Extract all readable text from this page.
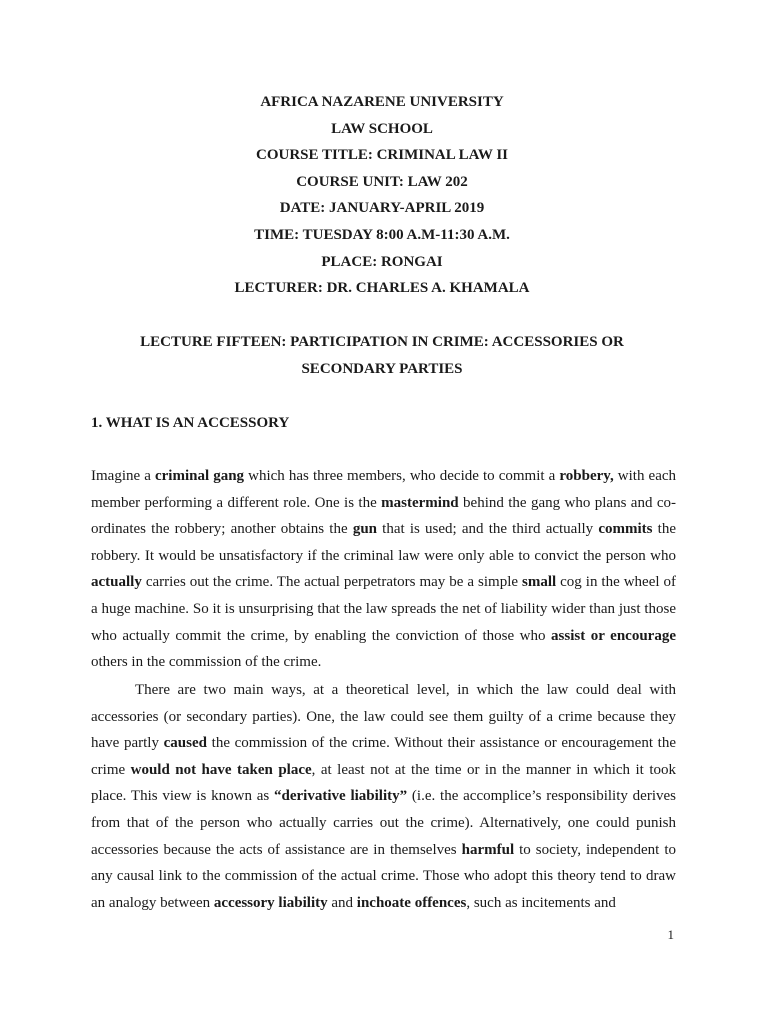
AFRICA NAZARENE UNIVERSITY
LAW SCHOOL
COURSE TITLE: CRIMINAL LAW II
COURSE UNIT: LAW 202
DATE: JANUARY-APRIL 2019
TIME: TUESDAY 8:00 A.M-11:30 A.M.
PLACE: RONGAI
LECTURER: DR. CHARLES A. KHAMALA
LECTURE FIFTEEN: PARTICIPATION IN CRIME: ACCESSORIES OR
SECONDARY PARTIES
1. WHAT IS AN ACCESSORY
Imagine a criminal gang which has three members, who decide to commit a robbery, with each member performing a different role. One is the mastermind behind the gang who plans and co-ordinates the robbery; another obtains the gun that is used; and the third actually commits the robbery. It would be unsatisfactory if the criminal law were only able to convict the person who actually carries out the crime. The actual perpetrators may be a simple small cog in the wheel of a huge machine. So it is unsurprising that the law spreads the net of liability wider than just those who actually commit the crime, by enabling the conviction of those who assist or encourage others in the commission of the crime.
There are two main ways, at a theoretical level, in which the law could deal with accessories (or secondary parties). One, the law could see them guilty of a crime because they have partly caused the commission of the crime. Without their assistance or encouragement the crime would not have taken place, at least not at the time or in the manner in which it took place. This view is known as “derivative liability” (i.e. the accomplice’s responsibility derives from that of the person who actually carries out the crime). Alternatively, one could punish accessories because the acts of assistance are in themselves harmful to society, independent to any causal link to the commission of the actual crime. Those who adopt this theory tend to draw an analogy between accessory liability and inchoate offences, such as incitements and
1
